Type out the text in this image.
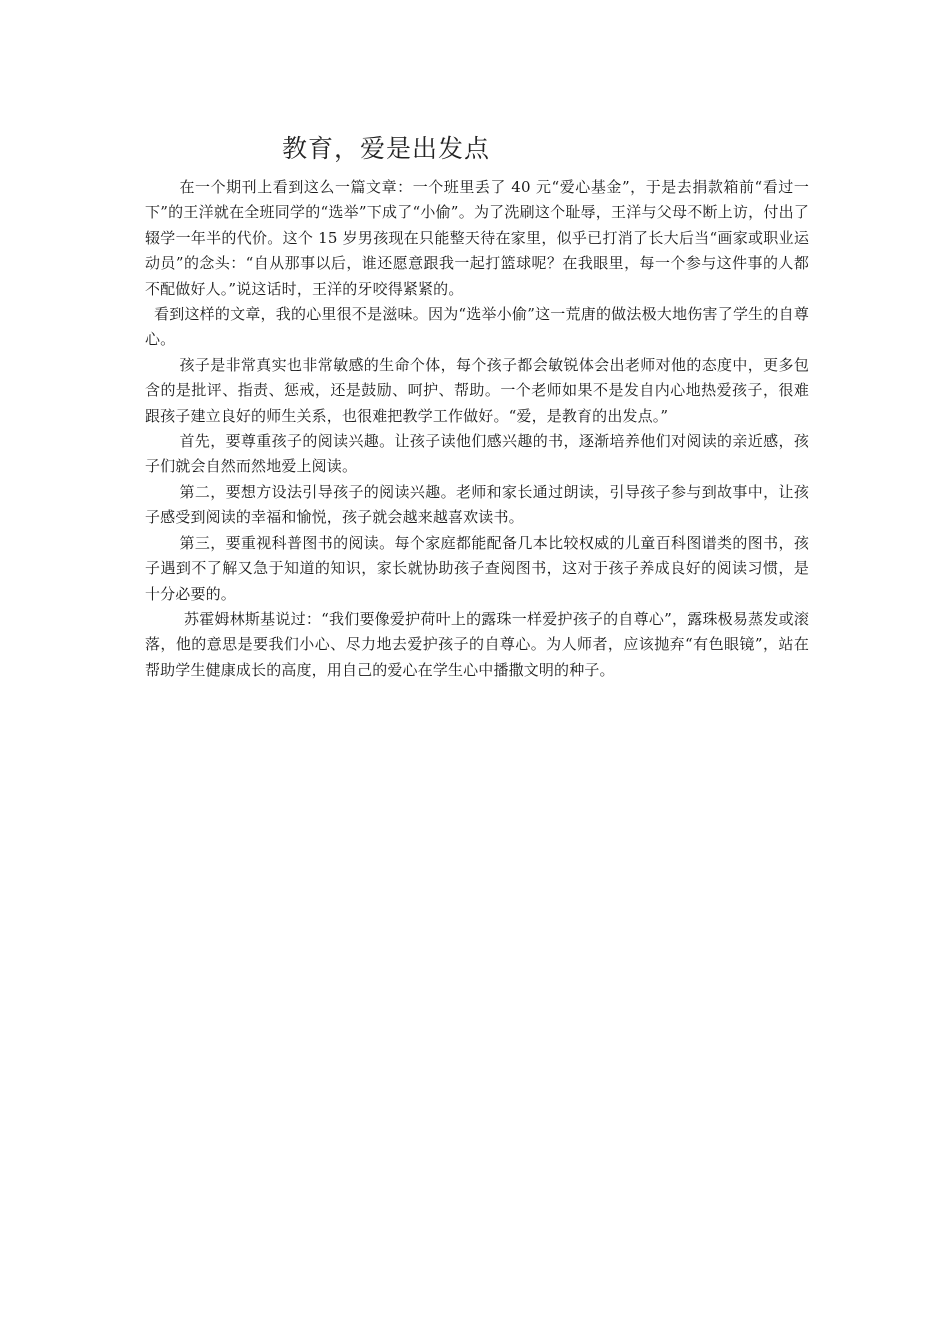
教育，爱是出发点

在一个期刊上看到这么一篇文章：一个班里丢了 40 元“爱心基金”，于是去捐款箱前“看过一下”的王洋就在全班同学的“选举”下成了“小偷”。为了洗刷这个耻辱，王洋与父母不断上访，付出了辍学一年半的代价。这个 15 岁男孩现在只能整天待在家里，似乎已打消了长大后当“画家或职业运动员”的念头：“自从那事以后，谁还愿意跟我一起打篮球呢？在我眼里，每一个参与这件事的人都不配做好人。”说这话时，王洋的牙咬得紧紧的。

看到这样的文章，我的心里很不是滋味。因为“选举小偷”这一荒唐的做法极大地伤害了学生的自尊心。

孩子是非常真实也非常敏感的生命个体，每个孩子都会敏锐体会出老师对他的态度中，更多包含的是批评、指责、惩戒，还是鼓励、呵护、帮助。一个老师如果不是发自内心地热爱孩子，很难跟孩子建立良好的师生关系，也很难把教学工作做好。“爱，是教育的出发点。”

首先，要尊重孩子的阅读兴趣。让孩子读他们感兴趣的书，逐渐培养他们对阅读的亲近感，孩子们就会自然而然地爱上阅读。

第二，要想方设法引导孩子的阅读兴趣。老师和家长通过朗读，引导孩子参与到故事中，让孩子感受到阅读的幸福和愉悦，孩子就会越来越喜欢读书。

第三，要重视科普图书的阅读。每个家庭都能配备几本比较权威的儿童百科图谱类的图书，孩子遇到不了解又急于知道的知识，家长就协助孩子查阅图书，这对于孩子养成良好的阅读习惯，是十分必要的。

苏霍姆林斯基说过：“我们要像爱护荷叶上的露珠一样爱护孩子的自尊心”，露珠极易蒸发或滚落，他的意思是要我们小心、尽力地去爱护孩子的自尊心。为人师者，应该抛弃“有色眼镜”，站在帮助学生健康成长的高度，用自己的爱心在学生心中播撒文明的种子。
